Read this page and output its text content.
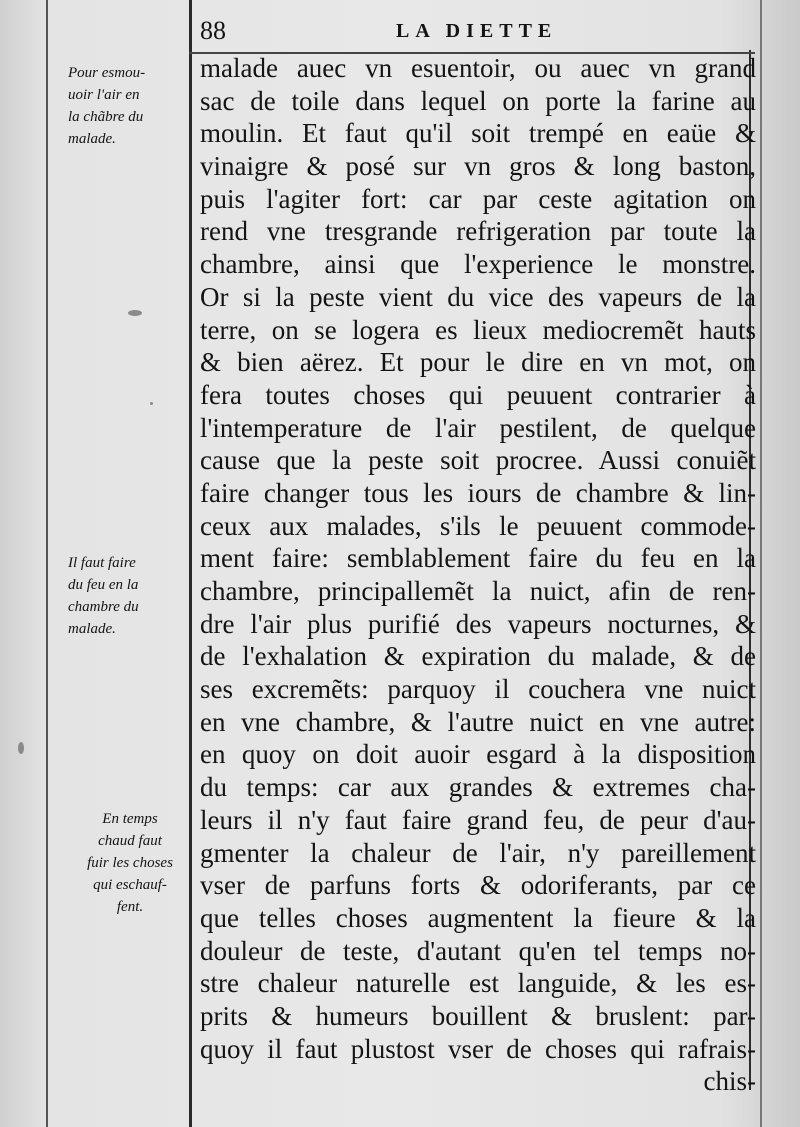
88	LA DIETTE
malade auec vn esuentoir, ou auec vn grand
sac de toile dans lequel on porte la farine au
moulin. Et faut qu'il soit trempé en eaüe &
vinaigre & posé sur vn gros & long baston,
puis l'agiter fort: car par ceste agitation on
rend vne tresgrande refrigeration par toute la
chambre, ainsi que l'experience le monstre.
Or si la peste vient du vice des vapeurs de la
terre, on se logera es lieux mediocremẽt hauts
& bien aërez. Et pour le dire en vn mot, on
fera toutes choses qui peuuent contrarier à
l'intemperature de l'air pestilent, de quelque
cause que la peste soit procree. Aussi conuiẽt
faire changer tous les iours de chambre & lin-
ceux aux malades, s'ils le peuuent commode-
ment faire: semblablement faire du feu en la
chambre, principallemẽt la nuict, afin de ren-
dre l'air plus purifié des vapeurs nocturnes, &
de l'exhalation & expiration du malade, & de
ses excremẽts: parquoy il couchera vne nuict
en vne chambre, & l'autre nuict en vne autre:
en quoy on doit auoir esgard à la disposition
du temps: car aux grandes & extremes cha-
leurs il n'y faut faire grand feu, de peur d'au-
gmenter la chaleur de l'air, n'y pareillement
vser de parfuns forts & odoriferants, par ce
que telles choses augmentent la fieure & la
douleur de teste, d'autant qu'en tel temps no-
stre chaleur naturelle est languide, & les es-
prits & humeurs bouillent & bruslent: par-
quoy il faut plustost vser de choses qui rafrais-
chis-
Pour esmou-
uoir l'air en
la chãbre du
malade.
Il faut faire
du feu en la
chambre du
malade.
En temps
chaud faut
fuir les choses
qui eschauf-
fent.
